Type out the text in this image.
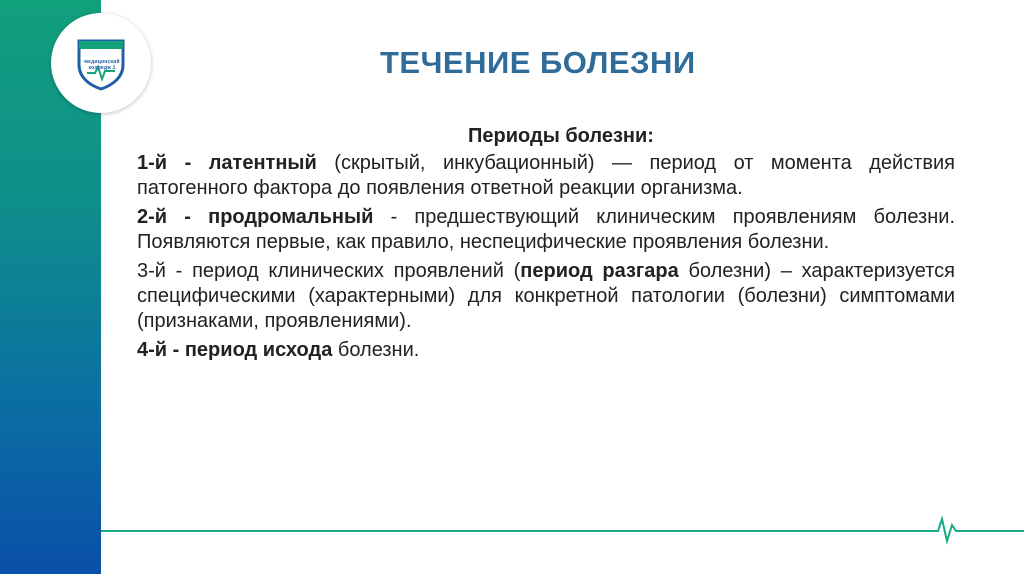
медицинский колледж 1	ТЕЧЕНИЕ БОЛЕЗНИ
Периоды болезни:
1-й - латентный (скрытый, инкубационный) — период от момента действия патогенного фактора до появления ответной реакции организма.
2-й - продромальный - предшествующий клиническим проявлениям болезни. Появляются первые, как правило, неспецифические проявления болезни.
3-й - период клинических проявлений (период разгара болезни) – характеризуется специфическими (характерными) для конкретной патологии (болезни) симптомами (признаками, проявлениями).
4-й - период исхода болезни.
